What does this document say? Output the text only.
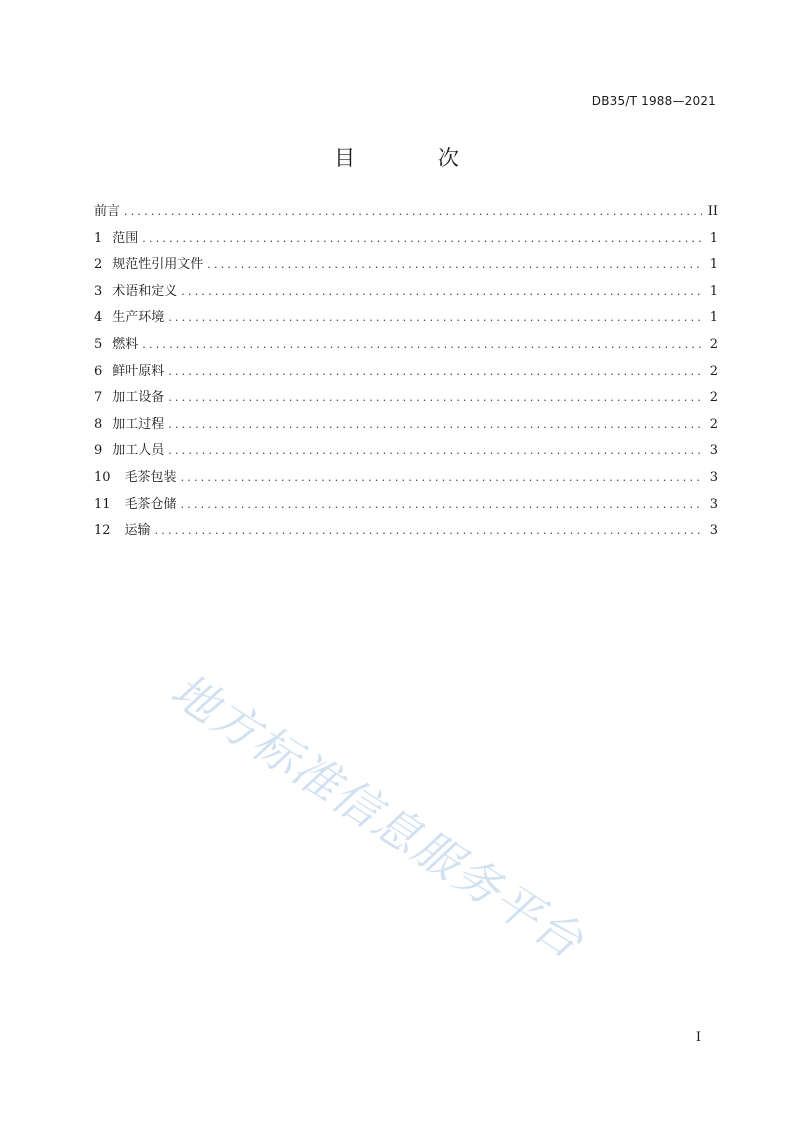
DB35/T 1988—2021
目 次
前言 .....	II
1 范围 .....	1
2 规范性引用文件 .....	1
3 术语和定义 .....	1
4 生产环境 .....	1
5 燃料 .....	2
6 鲜叶原料 .....	2
7 加工设备 .....	2
8 加工过程 .....	2
9 加工人员 .....	3
10 毛茶包装 .....	3
11 毛茶仓储 .....	3
12 运输 .....	3
地方标准信息服务平台
I
